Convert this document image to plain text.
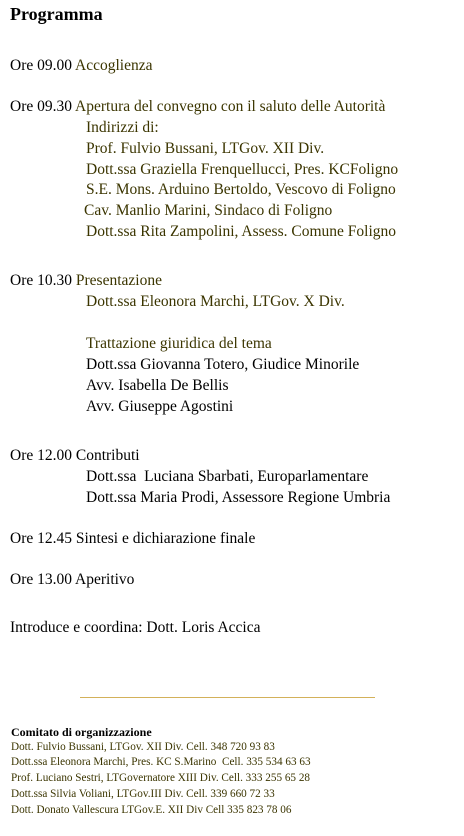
Programma
Ore 09.00 Accoglienza
Ore 09.30 Apertura del convegno con il saluto delle Autorità
Indirizzi di:
Prof. Fulvio Bussani, LTGov. XII Div.
Dott.ssa Graziella Frenquellucci, Pres. KCFoligno
S.E. Mons. Arduino Bertoldo, Vescovo di Foligno
Cav. Manlio Marini, Sindaco di Foligno
Dott.ssa Rita Zampolini, Assess. Comune Foligno
Ore 10.30 Presentazione
Dott.ssa Eleonora Marchi, LTGov. X Div.
Trattazione giuridica del tema
Dott.ssa Giovanna Totero, Giudice Minorile
Avv. Isabella De Bellis
Avv. Giuseppe Agostini
Ore 12.00 Contributi
Dott.ssa  Luciana Sbarbati, Europarlamentare
Dott.ssa Maria Prodi, Assessore Regione Umbria
Ore 12.45 Sintesi e dichiarazione finale
Ore 13.00 Aperitivo
Introduce e coordina: Dott. Loris Accica
Comitato di organizzazione
Dott. Fulvio Bussani, LTGov. XII Div. Cell. 348 720 93 83
Dott.ssa Eleonora Marchi, Pres. KC S.Marino  Cell. 335 534 63 63
Prof. Luciano Sestri, LTGovernatore XIII Div. Cell. 333 255 65 28
Dott.ssa Silvia Voliani, LTGov.III Div. Cell. 339 660 72 33
Dott. Donato Vallescura LTGov.E. XII Div Cell 335 823 78 06
